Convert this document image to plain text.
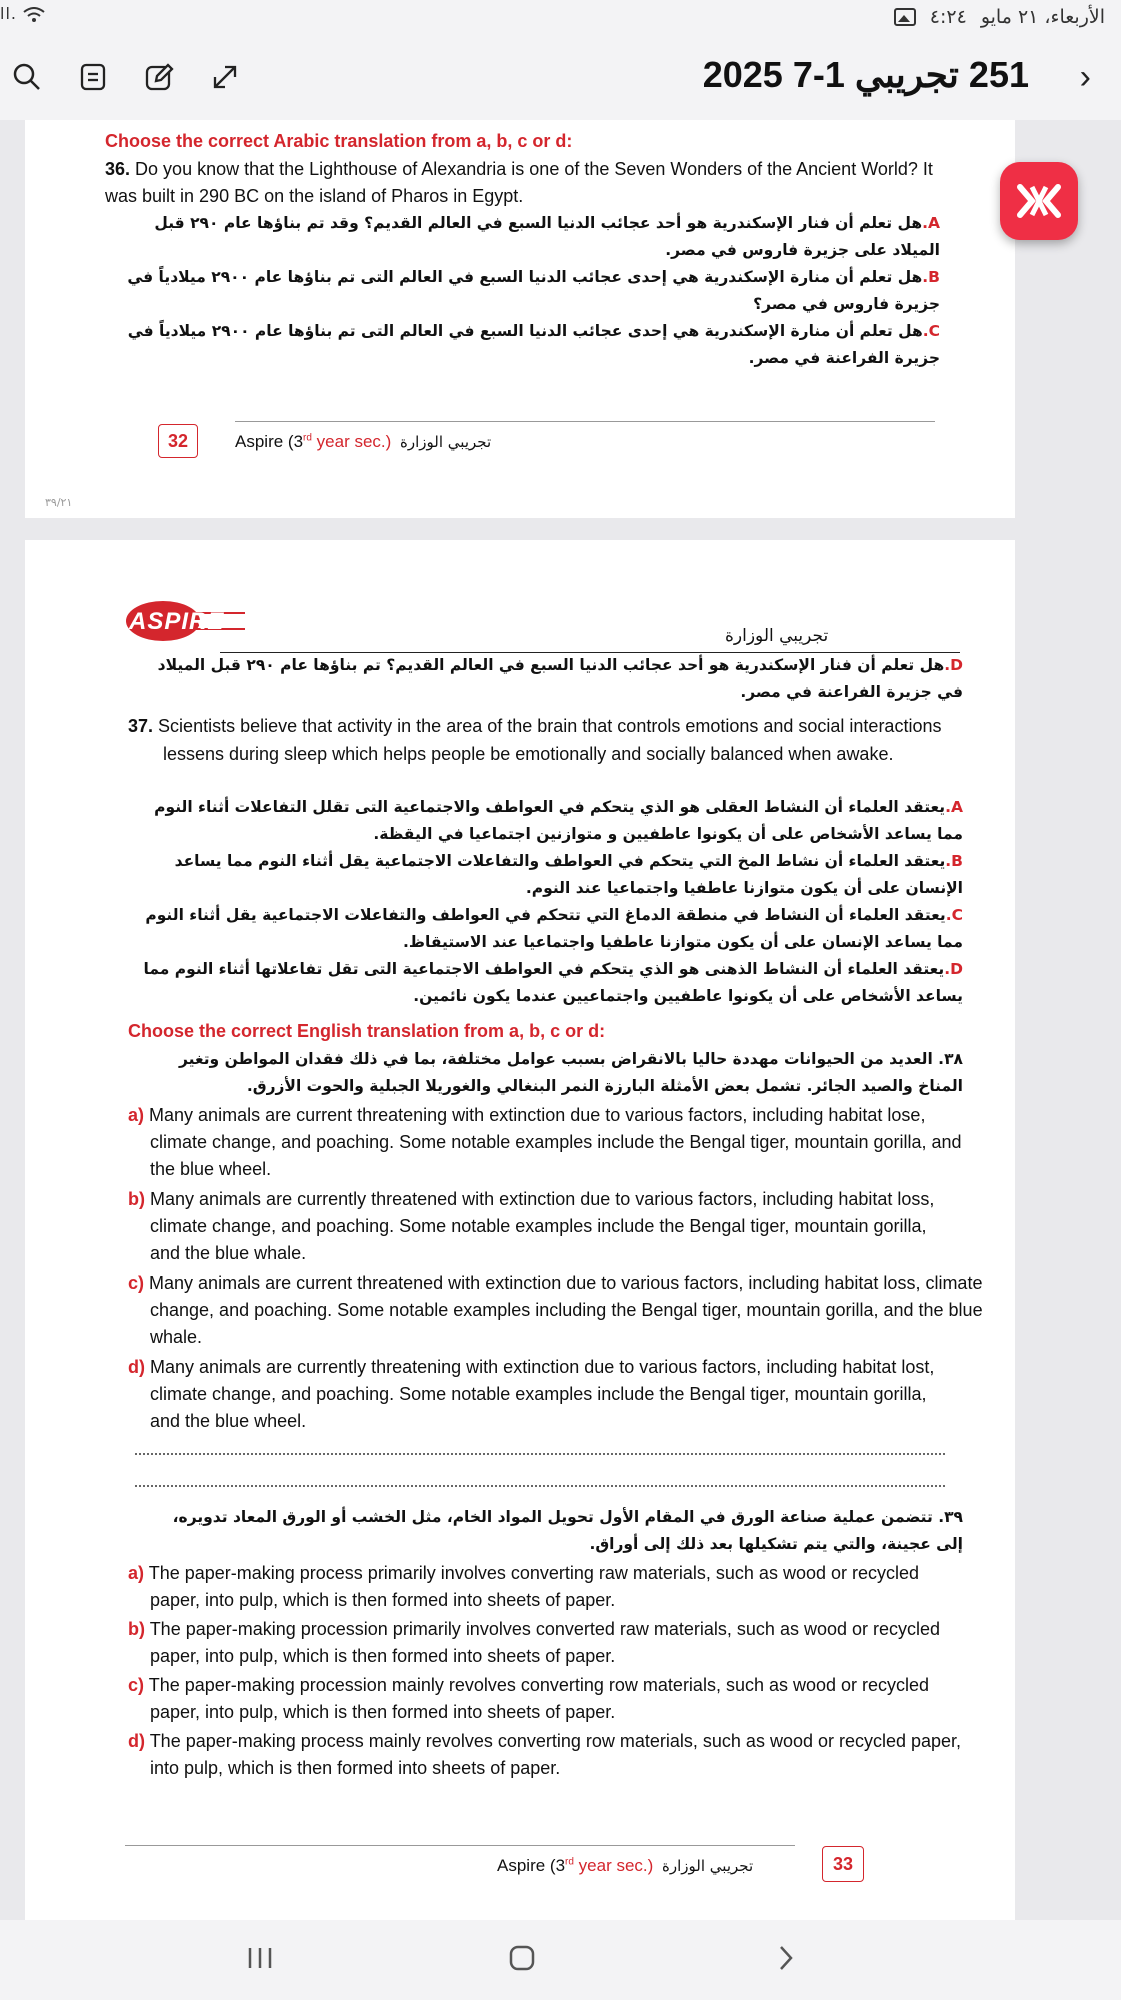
ll.	الأربعاء، ٢١ مايو
٤:٢٤
251 تجريبي 1-7 2025 ›
Choose the correct Arabic translation from a, b, c or d:
36. Do you know that the Lighthouse of Alexandria is one of the Seven Wonders of the Ancient World? It was built in 290 BC on the island of Pharos in Egypt.
A.هل تعلم أن فنار الإسكندرية هو أحد عجائب الدنيا السبع في العالم القديم؟ وقد تم بناؤها عام ٢٩٠ قبل الميلاد على جزيرة فاروس في مصر.
B.هل تعلم أن منارة الإسكندرية هي إحدى عجائب الدنيا السبع في العالم التى تم بناؤها عام ٢٩٠٠ ميلادياً في جزيرة فاروس في مصر؟
C.هل تعلم أن منارة الإسكندرية هي إحدى عجائب الدنيا السبع في العالم التى تم بناؤها عام ٢٩٠٠ ميلادياً في جزيرة الفراعنة في مصر.
32	Aspire (3rd year sec.) تجريبي الوزارة
٣٩/٢١
ASPIRE
تجريبي الوزارة
D.هل تعلم أن فنار الإسكندرية هو أحد عجائب الدنيا السبع في العالم القديم؟ تم بناؤها عام ٢٩٠ قبل الميلاد في جزيرة الفراعنة في مصر.
37. Scientists believe that activity in the area of the brain that controls emotions and social interactions lessens during sleep which helps people be emotionally and socially balanced when awake.
A.يعتقد العلماء أن النشاط العقلى هو الذي يتحكم في العواطف والاجتماعية التى تقلل التفاعلات أثناء النوم مما يساعد الأشخاص على أن يكونوا عاطفيين و متوازنين اجتماعيا في اليقظة.
B.يعتقد العلماء أن نشاط المخ التي يتحكم في العواطف والتفاعلات الاجتماعية يقل أثناء النوم مما يساعد الإنسان على أن يكون متوازنا عاطفيا واجتماعيا عند النوم.
C.يعتقد العلماء أن النشاط في منطقة الدماغ التي تتحكم في العواطف والتفاعلات الاجتماعية يقل أثناء النوم مما يساعد الإنسان على أن يكون متوازنا عاطفيا واجتماعيا عند الاستيقاظ.
D.يعتقد العلماء أن النشاط الذهنى هو الذي يتحكم في العواطف الاجتماعية التى تقل تفاعلاتها أثناء النوم مما يساعد الأشخاص على أن يكونوا عاطفيين واجتماعيين عندما يكون نائمين.
Choose the correct English translation from a, b, c or d:
٣٨. العديد من الحيوانات مهددة حاليا بالانقراض بسبب عوامل مختلفة، بما في ذلك فقدان المواطن وتغير المناخ والصيد الجائر. تشمل بعض الأمثلة البارزة النمر البنغالي والغوريلا الجبلية والحوت الأزرق.
a) Many animals are current threatening with extinction due to various factors, including habitat lose, climate change, and poaching. Some notable examples include the Bengal tiger, mountain gorilla, and the blue wheel.
b) Many animals are currently threatened with extinction due to various factors, including habitat loss, climate change, and poaching. Some notable examples include the Bengal tiger, mountain gorilla, and the blue whale.
c) Many animals are current threatened with extinction due to various factors, including habitat loss, climate change, and poaching. Some notable examples including the Bengal tiger, mountain gorilla, and the blue whale.
d) Many animals are currently threatening with extinction due to various factors, including habitat lost, climate change, and poaching. Some notable examples include the Bengal tiger, mountain gorilla, and the blue wheel.
٣٩. تتضمن عملية صناعة الورق في المقام الأول تحويل المواد الخام، مثل الخشب أو الورق المعاد تدويره، إلى عجينة، والتي يتم تشكيلها بعد ذلك إلى أوراق.
a) The paper-making process primarily involves converting raw materials, such as wood or recycled paper, into pulp, which is then formed into sheets of paper.
b) The paper-making procession primarily involves converted raw materials, such as wood or recycled paper, into pulp, which is then formed into sheets of paper.
c) The paper-making procession mainly revolves converting row materials, such as wood or recycled paper, into pulp, which is then formed into sheets of paper.
d) The paper-making process mainly revolves converting row materials, such as wood or recycled paper, into pulp, which is then formed into sheets of paper.
Aspire (3rd year sec.) تجريبي الوزارة	33
